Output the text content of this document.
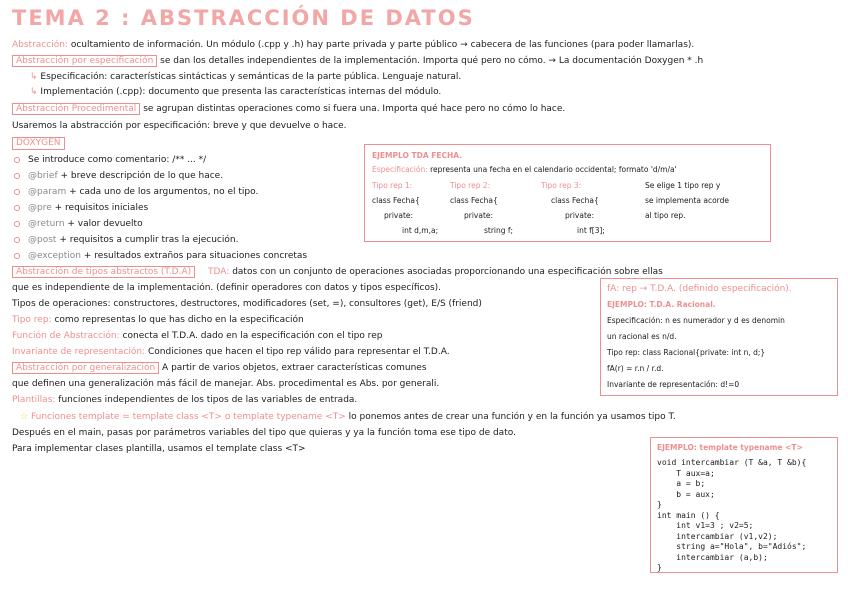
TEMA 2 : ABSTRACCIÓN DE DATOS
Abstracción: ocultamiento de información. Un módulo (.cpp y .h) hay parte privada y parte público → cabecera de las funciones (para poder llamarlas).
Abstracción por especificación se dan los detalles independientes de la implementación. Importa qué pero no cómo. → La documentación Doxygen * .h
↳ Especificación: características sintácticas y semánticas de la parte pública. Lenguaje natural.
↳ Implementación (.cpp): documento que presenta las características internas del módulo.
Abstracción Procedimental se agrupan distintas operaciones como si fuera una. Importa qué hace pero no cómo lo hace.
Usaremos la abstracción por especificación: breve y que devuelve o hace.
DOXYGEN
Se introduce como comentario: /** ... */
@brief + breve descripción de lo que hace.
@param + cada uno de los argumentos, no el tipo.
@pre + requisitos iniciales
@return + valor devuelto
@post + requisitos a cumplir tras la ejecución.
@exception + resultados extraños para situaciones concretas
EJEMPLO TDA FECHA.
Especificación: representa una fecha en el calendario occidental; formato 'd/m/a'
Tipo rep 1:
class Fecha{
private:
int d,m,a;
Tipo rep 2:
class Fecha{
private:
string f;
Tipo rep 3:
class Fecha{
private:
int f[3];
Se elige 1 tipo rep y
se implementa acorde
al tipo rep.
Abstracción de tipos abstractos (T.D.A) TDA: datos con un conjunto de operaciones asociadas proporcionando una especificación sobre ellas
que es independiente de la implementación. (definir operadores con datos y tipos específicos).
Tipos de operaciones: constructores, destructores, modificadores (set, =), consultores (get), E/S (friend)
Tipo rep: como representas lo que has dicho en la especificación
Función de Abstracción: conecta el T.D.A. dado en la especificación con el tipo rep
Invariante de representación: Condiciones que hacen el tipo rep válido para representar el T.D.A.
Abstracción por generalización A partir de varios objetos, extraer características comunes
que definen una generalización más fácil de manejar. Abs. procedimental es Abs. por generali.
Plantillas: funciones independientes de los tipos de las variables de entrada.
☆ Funciones template = template class <T> o template typename <T> lo ponemos antes de crear una función y en la función ya usamos tipo T.
Después en el main, pasas por parámetros variables del tipo que quieras y ya la función toma ese tipo de dato.
Para implementar clases plantilla, usamos el template class <T>
fA: rep → T.D.A. (definido especificación).
EJEMPLO: T.D.A. Racional.
Especificación: n es numerador y d es denomin
un racional es n/d.
Tipo rep: class Racional{private: int n, d;}
fA(r) = r.n / r.d.
Invariante de representación: d!=0
EJEMPLO: template typename <T>
void intercambiar (T &a, T &b){
T aux=a;
a = b;
b = aux;
}
int main () {
int v1=3 ; v2=5;
intercambiar (v1,v2);
string a="Hola", b="Adiós";
intercambiar (a,b);
}
